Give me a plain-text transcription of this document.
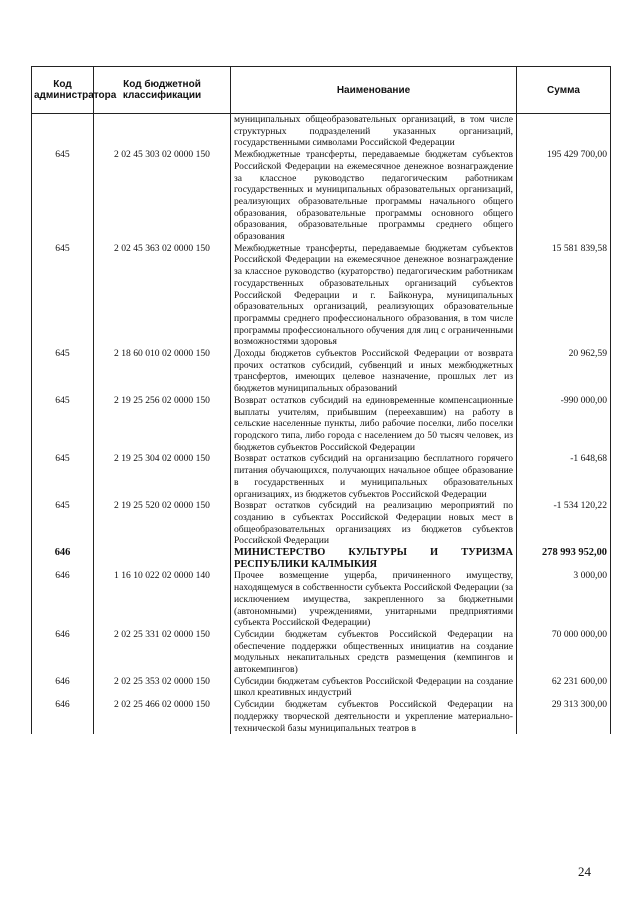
Код администратора	Код бюджетной классификации	Наименование	Сумма
		муниципальных общеобразовательных организаций, в том числе структурных подразделений указанных организаций, государственными символами Российской Федерации	
645	2 02 45 303 02 0000 150	Межбюджетные трансферты, передаваемые бюджетам субъектов Российской Федерации на ежемесячное денежное вознаграждение за классное руководство педагогическим работникам государственных и муниципальных образовательных организаций, реализующих образовательные программы начального общего образования, образовательные программы основного общего образования, образовательные программы среднего общего образования	195 429 700,00
645	2 02 45 363 02 0000 150	Межбюджетные трансферты, передаваемые бюджетам субъектов Российской Федерации на ежемесячное денежное вознаграждение за классное руководство (кураторство) педагогическим работникам государственных образовательных организаций субъектов Российской Федерации и г. Байконура, муниципальных образовательных организаций, реализующих образовательные программы среднего профессионального образования, в том числе программы профессионального обучения для лиц с ограниченными возможностями здоровья	15 581 839,58
645	2 18 60 010 02 0000 150	Доходы бюджетов субъектов Российской Федерации от возврата прочих остатков субсидий, субвенций и иных межбюджетных трансфертов, имеющих целевое назначение, прошлых лет из бюджетов муниципальных образований	20 962,59
645	2 19 25 256 02 0000 150	Возврат остатков субсидий на единовременные компенсационные выплаты учителям, прибывшим (переехавшим) на работу в сельские населенные пункты, либо рабочие поселки, либо поселки городского типа, либо города с населением до 50 тысяч человек, из бюджетов субъектов Российской Федерации	-990 000,00
645	2 19 25 304 02 0000 150	Возврат остатков субсидий на организацию бесплатного горячего питания обучающихся, получающих начальное общее образование в государственных и муниципальных образовательных организациях, из бюджетов субъектов Российской Федерации	-1 648,68
645	2 19 25 520 02 0000 150	Возврат остатков субсидий на реализацию мероприятий по созданию в субъектах Российской Федерации новых мест в общеобразовательных организациях из бюджетов субъектов Российской Федерации	-1 534 120,22
646		МИНИСТЕРСТВО КУЛЬТУРЫ И ТУРИЗМА РЕСПУБЛИКИ КАЛМЫКИЯ	278 993 952,00
646	1 16 10 022 02 0000 140	Прочее возмещение ущерба, причиненного имуществу, находящемуся в собственности субъекта Российской Федерации (за исключением имущества, закрепленного за бюджетными (автономными) учреждениями, унитарными предприятиями субъекта Российской Федерации)	3 000,00
646	2 02 25 331 02 0000 150	Субсидии бюджетам субъектов Российской Федерации на обеспечение поддержки общественных инициатив на создание модульных некапитальных средств размещения (кемпингов и автокемпингов)	70 000 000,00
646	2 02 25 353 02 0000 150	Субсидии бюджетам субъектов Российской Федерации на создание школ креативных индустрий	62 231 600,00
646	2 02 25 466 02 0000 150	Субсидии бюджетам субъектов Российской Федерации на поддержку творческой деятельности и укрепление материально-технической базы муниципальных театров в	29 313 300,00
24
